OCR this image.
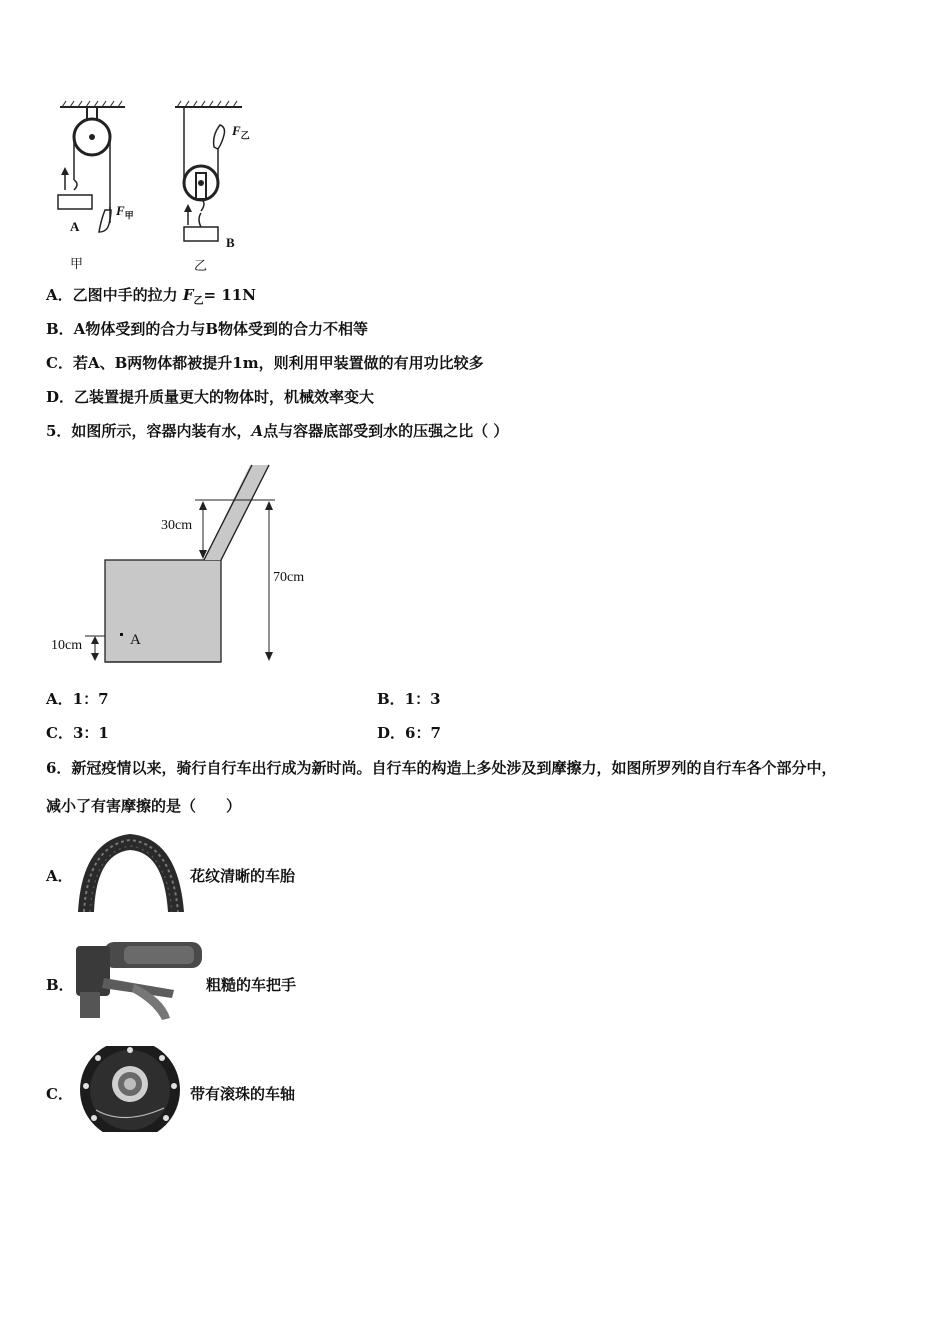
A
甲
$F_甲$
B
乙
$F_乙$
A．乙图中手的拉力 $F_乙= 11N$
B．A物体受到的合力与B物体受到的合力不相等
C．若A、B两物体都被提升1m，则利用甲装置做的有用功比较多
D．乙装置提升质量更大的物体时，机械效率变大
5．如图所示，容器内装有水，A点与容器底部受到水的压强之比（ ）
30cm
70cm
10cm	A
A．1：7	B．1：3
C．3：1	D．6：7
6．新冠疫情以来，骑行自行车出行成为新时尚。自行车的构造上多处涉及到摩擦力，如图所罗列的自行车各个部分中，
减小了有害摩擦的是（　　）
A．	花纹清晰的车胎
B．	粗糙的车把手
C．	带有滚珠的车轴
